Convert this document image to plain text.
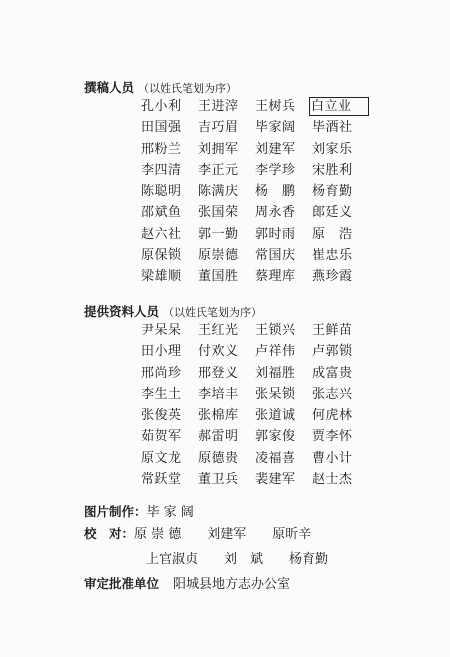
撰稿人员 （以姓氏笔划为序）
孔小利	王进滓	王树兵	白立业
田国强	吉巧眉	毕家阔	毕酒社
邢粉兰	刘拥军	刘建军	刘家乐
李四清	李正元	李学珍	宋胜利
陈聪明	陈满庆	杨　鹏	杨育勤
邵斌鱼	张国荣	周永香	郎廷义
赵六社	郭一勤	郭时雨	原　浩
原保锁	原崇德	常国庆	崔忠乐
梁雄顺	董国胜	蔡理库	燕珍霞
提供资料人员 （以姓氏笔划为序）
尹呆呆	王红光	王锁兴	王鲜苗
田小理	付欢义	卢祥伟	卢郭锁
邢尚珍	邢登义	刘福胜	成富贵
李生土	李培丰	张呆锁	张志兴
张俊英	张棉库	张道诚	何虎林
茹贺军	郝雷明	郭家俊	贾李怀
原文龙	原德贵	凌福喜	曹小计
常跃堂	董卫兵	裴建军	赵士杰
图片制作：毕 家 阔
校　对：原 崇 德　　刘建军　　原昕辛
上官淑贞　　刘　斌　　杨育勤
审定批准单位 阳城县地方志办公室
